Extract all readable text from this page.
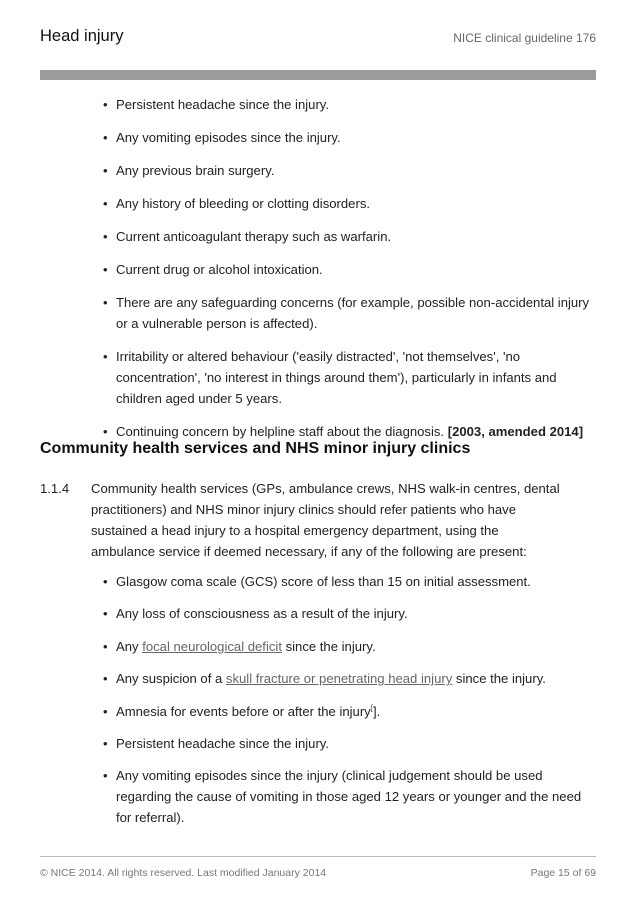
Head injury	NICE clinical guideline 176
• Persistent headache since the injury.
• Any vomiting episodes since the injury.
• Any previous brain surgery.
• Any history of bleeding or clotting disorders.
• Current anticoagulant therapy such as warfarin.
• Current drug or alcohol intoxication.
• There are any safeguarding concerns (for example, possible non-accidental injury or a vulnerable person is affected).
• Irritability or altered behaviour ('easily distracted', 'not themselves', 'no concentration', 'no interest in things around them'), particularly in infants and children aged under 5 years.
• Continuing concern by helpline staff about the diagnosis. [2003, amended 2014]
Community health services and NHS minor injury clinics
1.1.4 Community health services (GPs, ambulance crews, NHS walk-in centres, dental practitioners) and NHS minor injury clinics should refer patients who have sustained a head injury to a hospital emergency department, using the ambulance service if deemed necessary, if any of the following are present:

• Glasgow coma scale (GCS) score of less than 15 on initial assessment.
• Any loss of consciousness as a result of the injury.
• Any focal neurological deficit since the injury.
• Any suspicion of a skull fracture or penetrating head injury since the injury.
• Amnesia for events before or after the injury[].
• Persistent headache since the injury.
• Any vomiting episodes since the injury (clinical judgement should be used regarding the cause of vomiting in those aged 12 years or younger and the need for referral).
© NICE 2014. All rights reserved. Last modified January 2014	Page 15 of 69
